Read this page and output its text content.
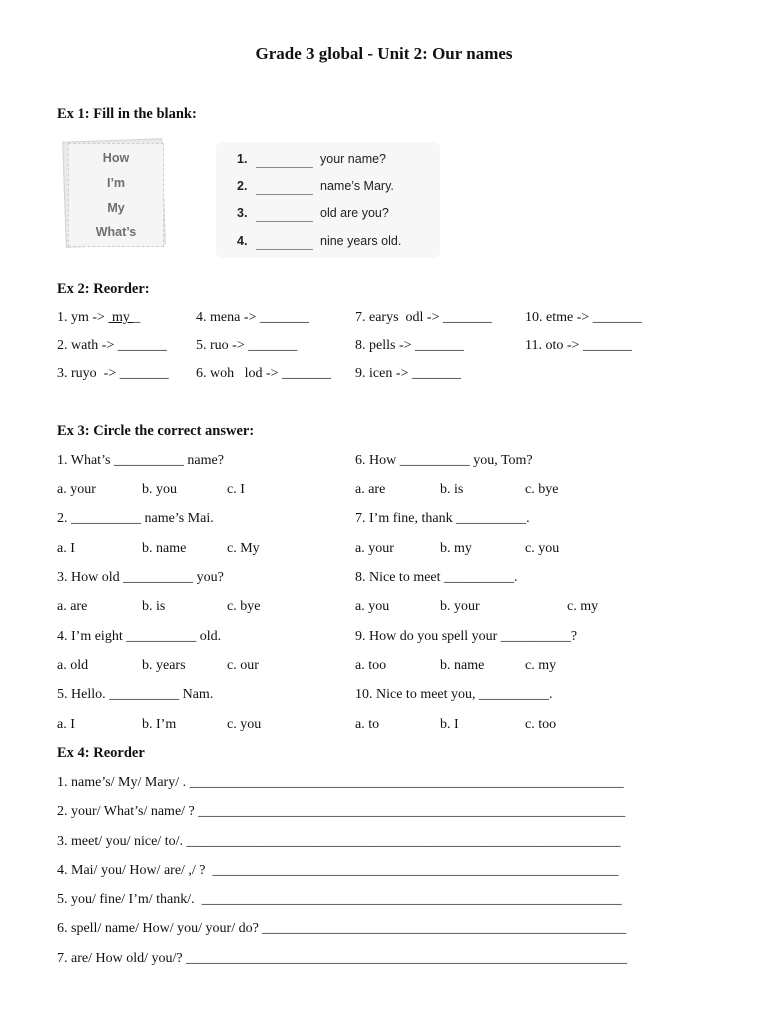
Grade 3 global - Unit 2: Our names
Ex 1: Fill in the blank:
How
I’m
My
What’s
1.	your name?
2.	name’s Mary.
3.	old are you?
4.	nine years old.
Ex 2: Reorder:
1. ym ->  my _
2. wath -> _______
3. ruyo  -> _______
4. mena -> _______
5. ruo -> _______
6. woh   lod -> _______
7. earys  odl -> _______
8. pells -> _______
9. icen -> _______
10. etme -> _______
11. oto -> _______
Ex 3: Circle the correct answer:
1. What’s __________ name?
a. your	b. you	c. I
2. __________ name’s Mai.
a. I	b. name	c. My
3. How old __________ you?
a. are	b. is	c. bye
4. I’m eight __________ old.
a. old	b. years	c. our
5. Hello. __________ Nam.
a. I	b. I’m	c. you
6. How __________ you, Tom?
a. are	b. is	c. bye
7. I’m fine, thank __________.
a. your	b. my	c. you
8. Nice to meet __________.
a. you	b. your	c. my
9. How do you spell your __________?
a. too	b. name	c. my
10. Nice to meet you, __________.
a. to	b. I	c. too
Ex 4: Reorder
1. name’s/ My/ Mary/ . ______________________________________________________________
2. your/ What’s/ name/ ? _____________________________________________________________
3. meet/ you/ nice/ to/. ______________________________________________________________
4. Mai/ you/ How/ are/ ,/ ?  __________________________________________________________
5. you/ fine/ I’m/ thank/.  ____________________________________________________________
6. spell/ name/ How/ you/ your/ do? ____________________________________________________
7. are/ How old/ you/? _______________________________________________________________
